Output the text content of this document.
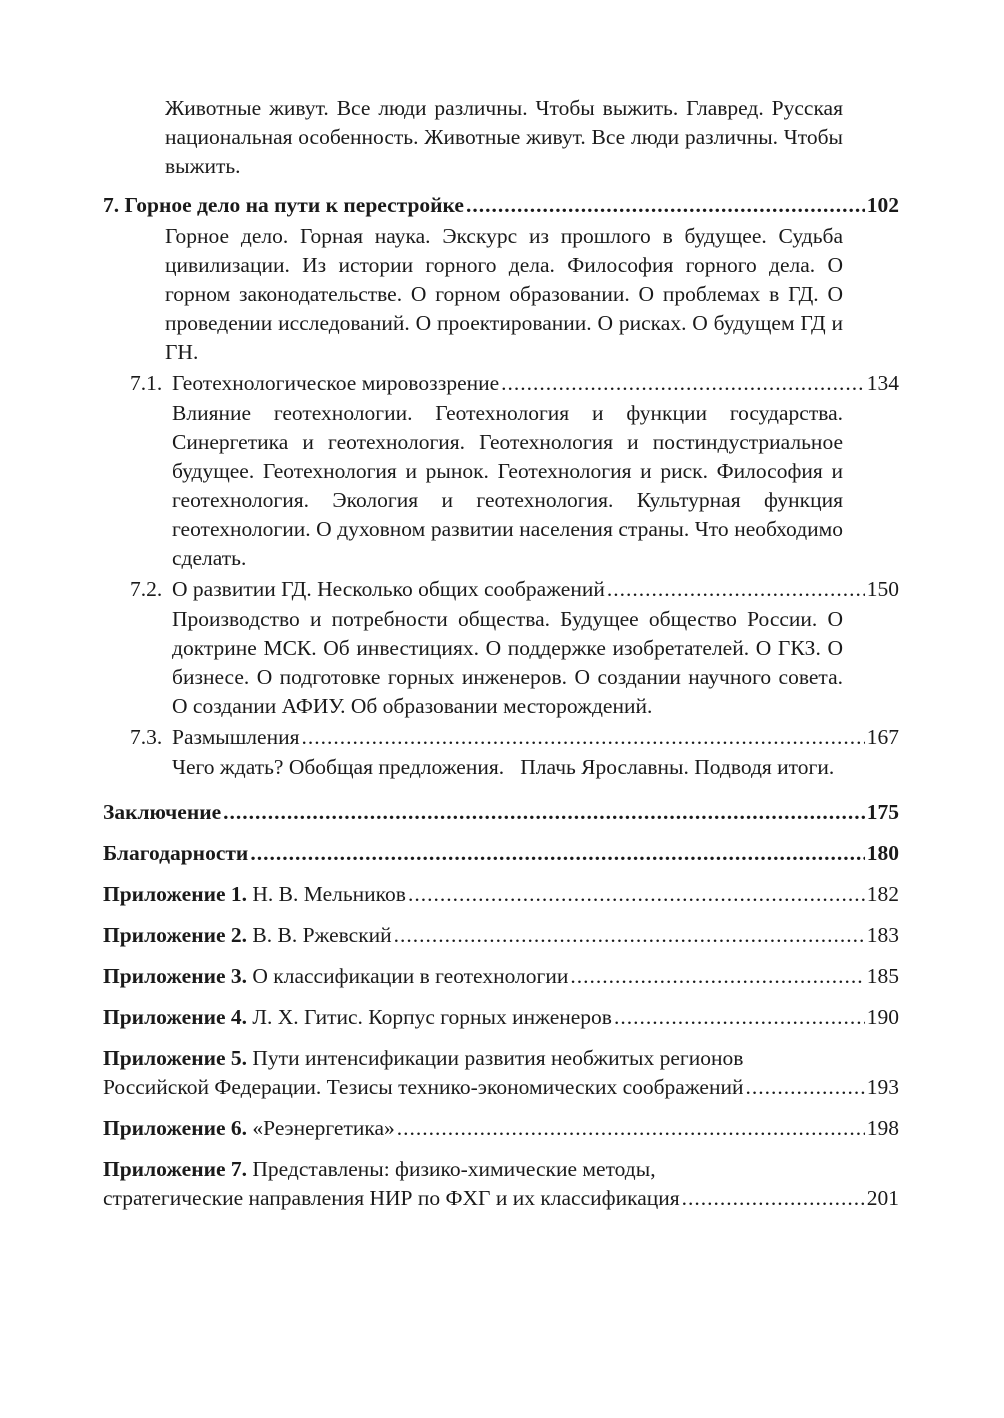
Животные живут. Все люди различны. Чтобы выжить. Главред. Русская национальная особенность. Животные живут. Все люди различны. Чтобы выжить.
7. Горное дело на пути к перестройке .....	102
Горное дело. Горная наука. Экскурс из прошлого в будущее. Судьба цивилизации. Из истории горного дела. Философия горного дела. О горном законодательстве. О горном образовании. О проблемах в ГД. О проведении исследований. О проектировании. О рисках. О будущем ГД и ГН.
7.1. Геотехнологическое мировоззрение .....	134
Влияние геотехнологии. Геотехнология и функции государства. Синергетика и геотехнология. Геотехнология и постиндустриальное будущее. Геотехнология и рынок. Геотехнология и риск. Философия и геотехнология. Экология и геотехнология. Культурная функция геотехнологии. О духовном развитии населения страны. Что необходимо сделать.
7.2. О развитии ГД. Несколько общих соображений .....	150
Производство и потребности общества. Будущее общество России. О доктрине МСК. Об инвестициях. О поддержке изобретателей. О ГКЗ. О бизнесе. О подготовке горных инженеров. О создании научного совета. О создании АФИУ. Об образовании месторождений.
7.3. Размышления .....	167
Чего ждать? Обобщая предложения.   Плачь Ярославны. Подводя итоги.
Заключение .....	175
Благодарности .....	180
Приложение 1. Н. В. Мельников .....	182
Приложение 2. В. В. Ржевский .....	183
Приложение 3. О классификации в геотехнологии .....	185
Приложение 4. Л. Х. Гитис. Корпус горных инженеров .....	190
Приложение 5. Пути интенсификации развития необжитых регионов
Российской Федерации. Тезисы технико-экономических соображений .....	193
Приложение 6. «Реэнергетика» .....	198
Приложение 7. Представлены: физико-химические методы,
стратегические направления НИР по ФХГ и их классификация .....	201
